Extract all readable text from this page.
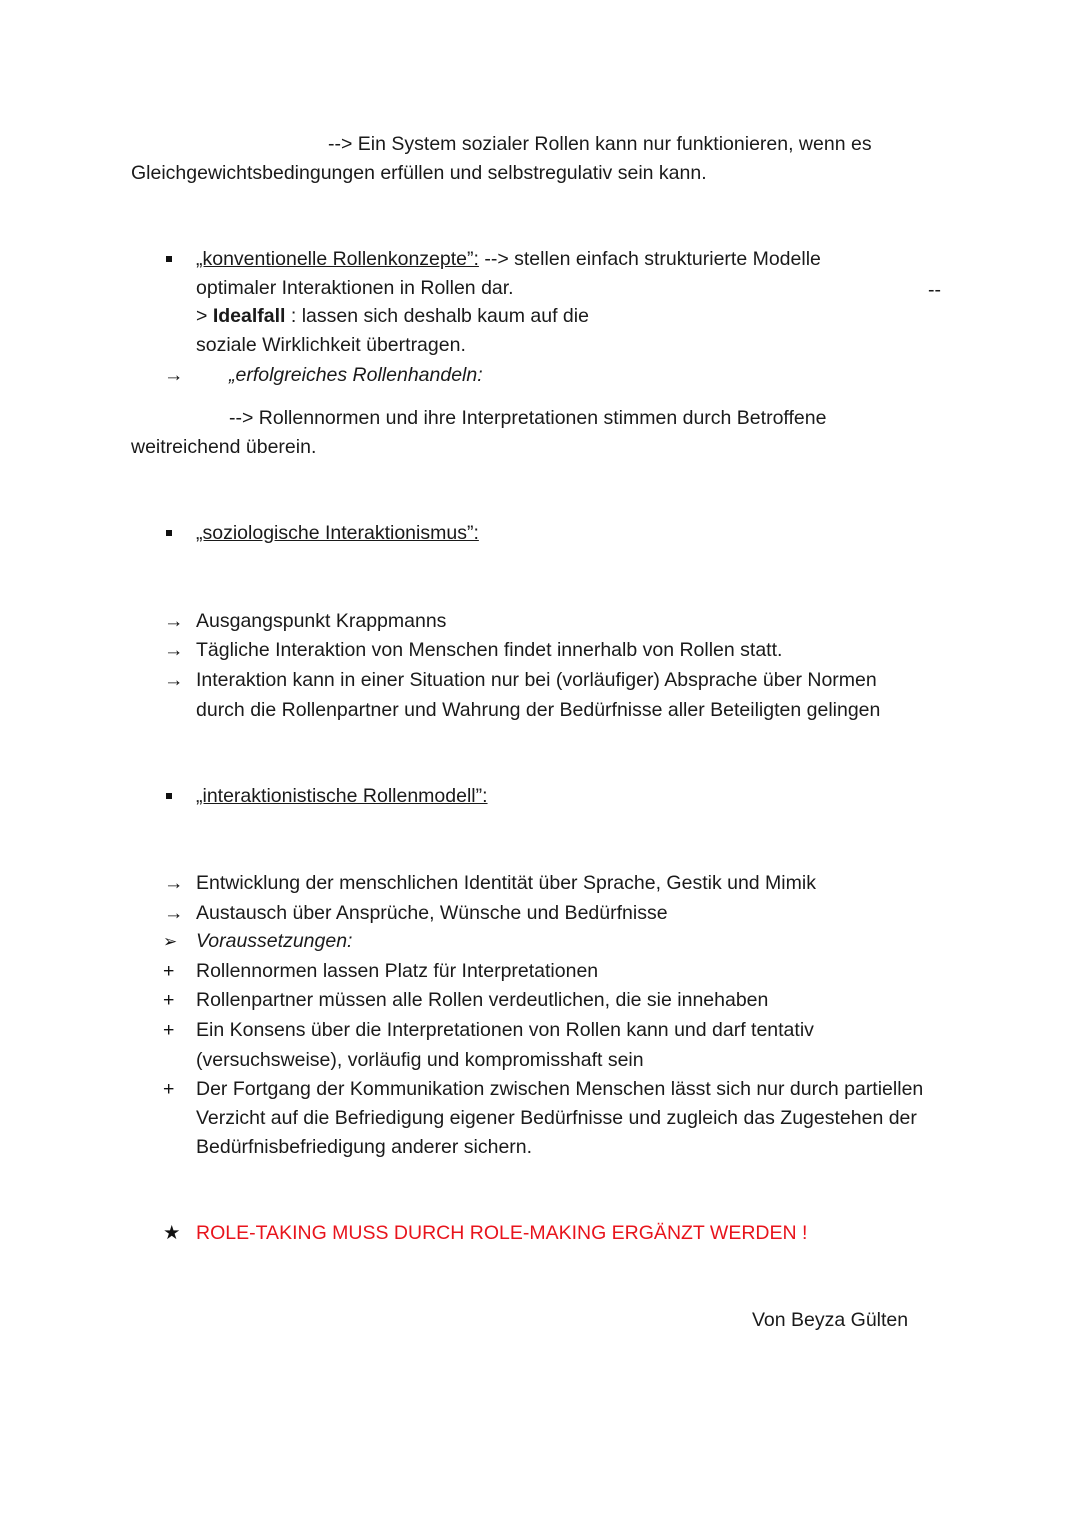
--> Ein System sozialer Rollen kann nur funktionieren, wenn es
Gleichgewichtsbedingungen erfüllen und selbstregulativ sein kann.
„konventionelle Rollenkonzepte”: --> stellen einfach strukturierte Modelle
optimaler Interaktionen in Rollen dar.	--
> Idealfall : lassen sich deshalb kaum auf die
soziale Wirklichkeit übertragen.
→ „erfolgreiches Rollenhandeln:
--> Rollennormen und ihre Interpretationen stimmen durch Betroffene
weitreichend überein.
„soziologische Interaktionismus”:
→ Ausgangspunkt Krappmanns
→ Tägliche Interaktion von Menschen findet innerhalb von Rollen statt.
→ Interaktion kann in einer Situation nur bei (vorläufiger) Absprache über Normen
durch die Rollenpartner und Wahrung der Bedürfnisse aller Beteiligten gelingen
„interaktionistische Rollenmodell”:
→ Entwicklung der menschlichen Identität über Sprache, Gestik und Mimik
→ Austausch über Ansprüche, Wünsche und Bedürfnisse
➢ Voraussetzungen:
+ Rollennormen lassen Platz für Interpretationen
+ Rollenpartner müssen alle Rollen verdeutlichen, die sie innehaben
+ Ein Konsens über die Interpretationen von Rollen kann und darf tentativ
(versuchsweise), vorläufig und kompromisshaft sein
+ Der Fortgang der Kommunikation zwischen Menschen lässt sich nur durch partiellen
Verzicht auf die Befriedigung eigener Bedürfnisse und zugleich das Zugestehen der
Bedürfnisbefriedigung anderer sichern.
★ ROLE-TAKING MUSS DURCH ROLE-MAKING ERGÄNZT WERDEN !
Von Beyza Gülten
